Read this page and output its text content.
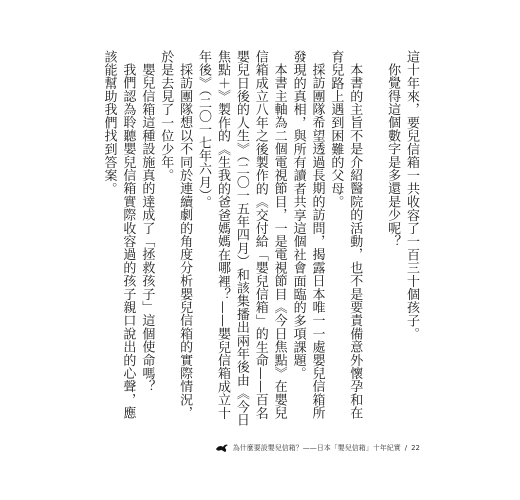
這十年來，要兒信箱一共收容了一百三十個孩子。

你覺得這個數字是多還是少呢？

本書的主旨不是介紹醫院的活動，也不是要責備意外懷孕和在育兒路上遇到困難的父母。

採訪團隊希望透過長期的訪問，揭露日本唯一一處嬰兒信箱所發現的真相，與所有讀者共享這個社會面臨的多項課題。

本書主軸為二個電視節目，一是電視節目《今日焦點》在嬰兒信箱成立八年之後製作的《交付給「嬰兒信箱」的生命——百名嬰兒日後的人生》（二〇一五年四月）和該集播出兩年後由《今日焦點＋》製作的《生我的爸爸媽媽在哪裡？——嬰兒信箱成立十年後》（二〇一七年六月）。

採訪團隊想以不同於連續劇的角度分析嬰兒信箱的實際情況，於是去見了一位少年。

嬰兒信箱這種設施真的達成了「拯救孩子」這個使命嗎？

我們認為聆聽嬰兒信箱實際收容過的孩子親口說出的心聲，應該能幫助我們找到答案。

為什麼要設嬰兒信箱？——日本「嬰兒信箱」十年紀實 / 22
